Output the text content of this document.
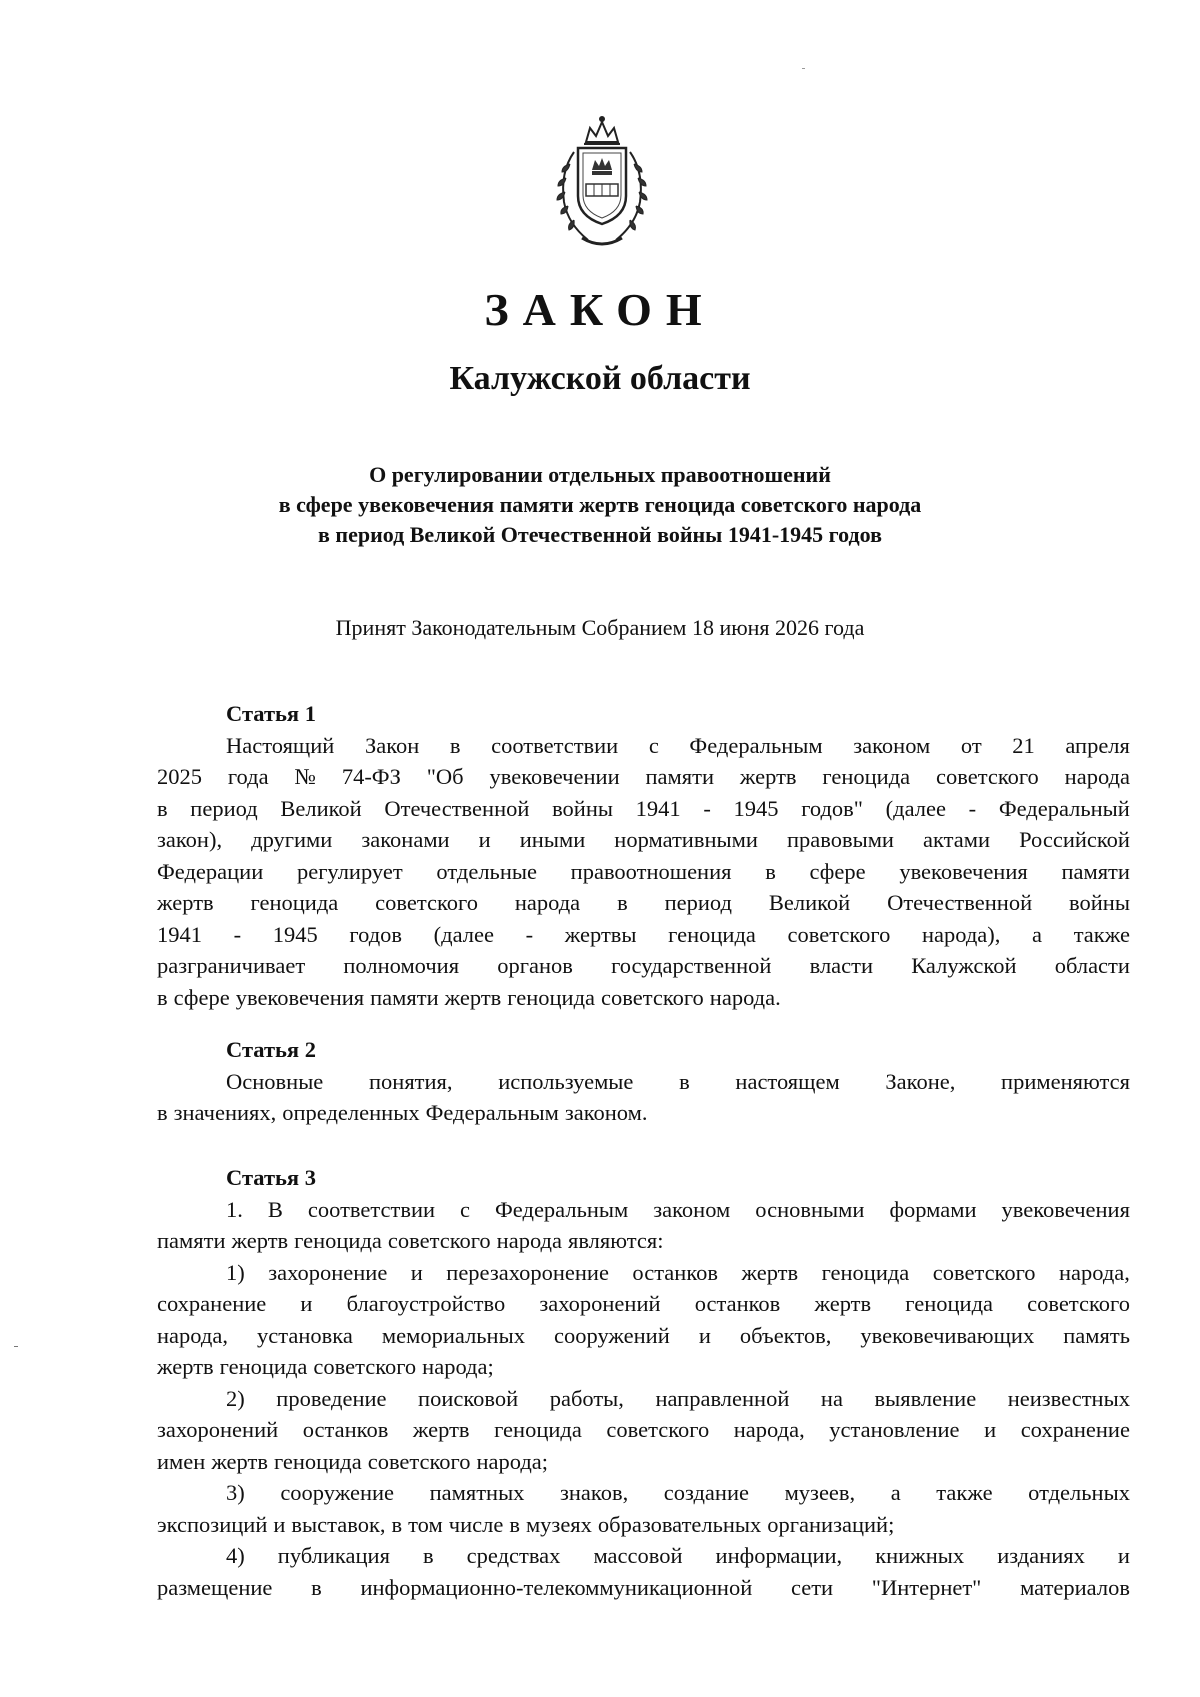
ЗАКОН
Калужской области
О регулировании отдельных правоотношений
в сфере увековечения памяти жертв геноцида советского народа
в период Великой Отечественной войны 1941-1945 годов
Принят Законодательным Собранием 18 июня 2026 года
Статья 1
Настоящий Закон в соответствии с Федеральным законом от 21 апреля
2025 года № 74-ФЗ "Об увековечении памяти жертв геноцида советского народа
в период Великой Отечественной войны 1941 - 1945 годов" (далее - Федеральный
закон), другими законами и иными нормативными правовыми актами Российской
Федерации регулирует отдельные правоотношения в сфере увековечения памяти
жертв геноцида советского народа в период Великой Отечественной войны
1941 - 1945 годов (далее - жертвы геноцида советского народа), а также
разграничивает полномочия органов государственной власти Калужской области
в сфере увековечения памяти жертв геноцида советского народа.
Статья 2
Основные понятия, используемые в настоящем Законе, применяются
в значениях, определенных Федеральным законом.
Статья 3
1. В соответствии с Федеральным законом основными формами увековечения
памяти жертв геноцида советского народа являются:
1) захоронение и перезахоронение останков жертв геноцида советского народа,
сохранение и благоустройство захоронений останков жертв геноцида советского
народа, установка мемориальных сооружений и объектов, увековечивающих память
жертв геноцида советского народа;
2) проведение поисковой работы, направленной на выявление неизвестных
захоронений останков жертв геноцида советского народа, установление и сохранение
имен жертв геноцида советского народа;
3) сооружение памятных знаков, создание музеев, а также отдельных
экспозиций и выставок, в том числе в музеях образовательных организаций;
4) публикация в средствах массовой информации, книжных изданиях и
размещение в информационно-телекоммуникационной сети "Интернет" материалов
